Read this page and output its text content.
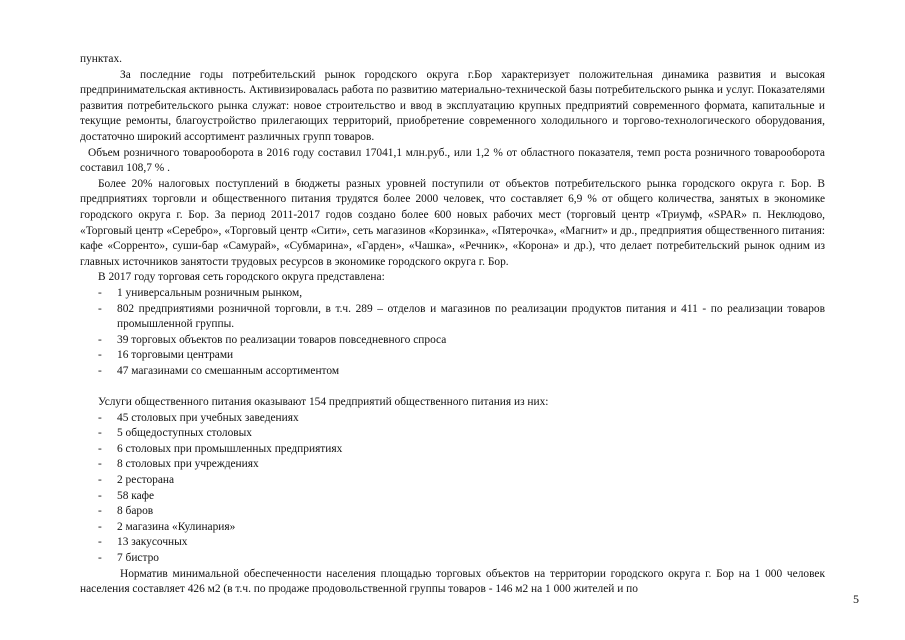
пунктах.

За последние годы потребительский рынок городского округа г.Бор характеризует положительная динамика развития и высокая предпринимательская активность. Активизировалась работа по развитию материально-технической базы потребительского рынка и услуг. Показателями развития потребительского рынка служат: новое строительство и ввод в эксплуатацию крупных предприятий современного формата, капитальные и текущие ремонты, благоустройство прилегающих территорий, приобретение современного холодильного и торгово-технологического оборудования, достаточно широкий ассортимент различных групп товаров.

Объем розничного товарооборота в 2016 году составил 17041,1 млн.руб., или 1,2 % от областного показателя, темп роста розничного товарооборота составил 108,7 % .

Более 20% налоговых поступлений в бюджеты разных уровней поступили от объектов потребительского рынка городского округа г. Бор. В предприятиях торговли и общественного питания трудятся более 2000 человек, что составляет 6,9 % от общего количества, занятых в экономике городского округа г. Бор. За период 2011-2017 годов создано более 600 новых рабочих мест (торговый центр «Триумф, «SPAR» п. Неклюдово, «Торговый центр «Серебро», «Торговый центр «Сити», сеть магазинов «Корзинка», «Пятерочка», «Магнит» и др., предприятия общественного питания: кафе «Сорренто», суши-бар «Самурай», «Субмарина», «Гарден», «Чашка», «Речник», «Корона» и др.), что делает потребительский рынок одним из главных источников занятости трудовых ресурсов в экономике городского округа г. Бор.

В 2017 году торговая сеть городского округа представлена:

- 1 универсальным розничным рынком,
- 802 предприятиями розничной торговли, в т.ч. 289 – отделов и магазинов по реализации продуктов питания и 411 - по реализации товаров промышленной группы.
- 39 торговых объектов по реализации товаров повседневного спроса
- 16 торговыми центрами
- 47 магазинами со смешанным ассортиментом

Услуги общественного питания оказывают 154 предприятий общественного питания из них:

- 45 столовых при учебных заведениях
- 5 общедоступных столовых
- 6 столовых при промышленных предприятиях
- 8 столовых при учреждениях
- 2 ресторана
- 58 кафе
- 8 баров
- 2 магазина «Кулинария»
- 13 закусочных
- 7 бистро

Норматив минимальной обеспеченности населения площадью торговых объектов на территории городского округа г. Бор на 1 000 человек населения составляет 426 м2 (в т.ч. по продаже продовольственной группы товаров - 146 м2 на 1 000 жителей и по

5
